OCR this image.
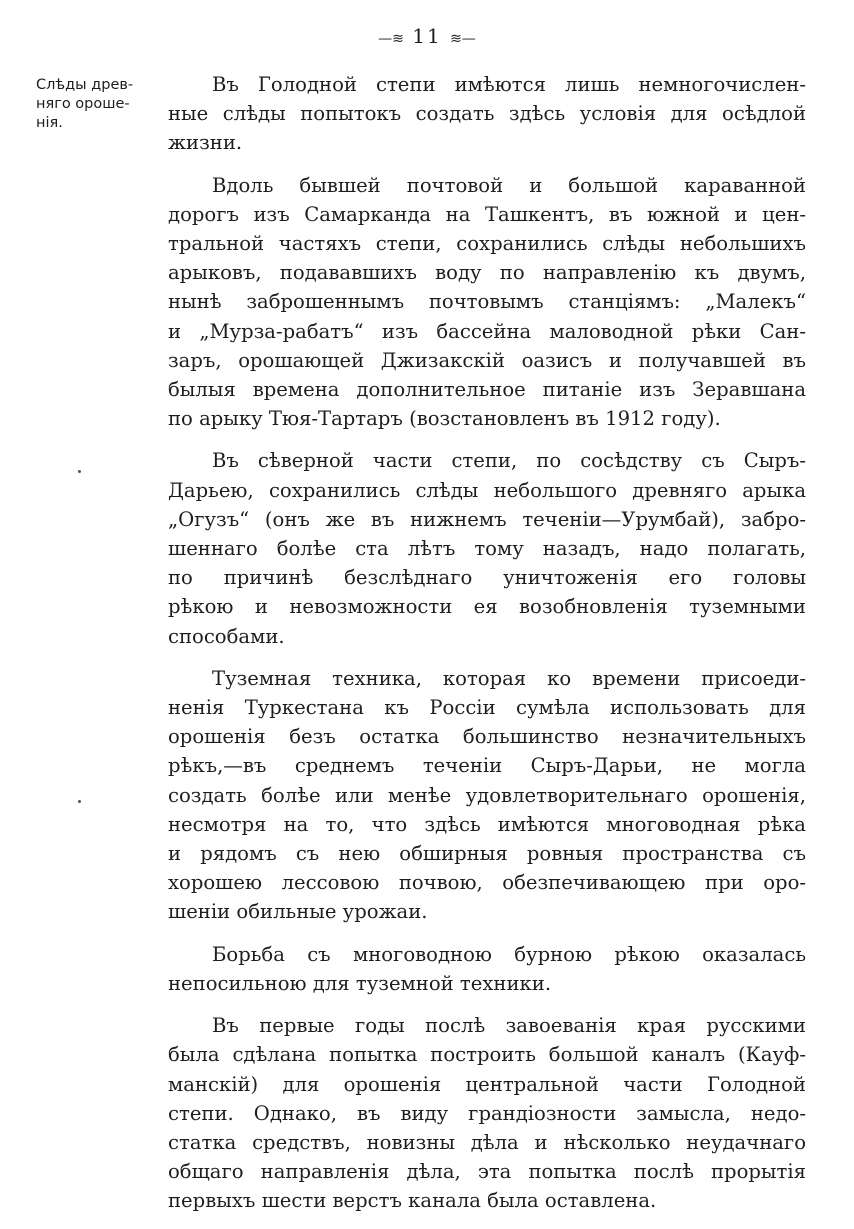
—≋ 11 ≋—
Слѣды древ-
няго ороше-
нія.
Въ Голодной степи имѣются лишь немногочислен-
ные слѣды попытокъ создать здѣсь условія для осѣдлой
жизни.
Вдоль бывшей почтовой и большой караванной
дорогъ изъ Самарканда на Ташкентъ, въ южной и цен-
тральной частяхъ степи, сохранились слѣды небольшихъ
арыковъ, подававшихъ воду по направленію къ двумъ,
нынѣ заброшеннымъ почтовымъ станціямъ: „Малекъ“
и „Мурза-рабатъ“ изъ бассейна маловодной рѣки Сан-
заръ, орошающей Джизакскій оазисъ и получавшей въ
былыя времена дополнительное питаніе изъ Зеравшана
по арыку Тюя-Тартаръ (возстановленъ въ 1912 году).
Въ сѣверной части степи, по сосѣдству съ Сыръ-
Дарьею, сохранились слѣды небольшого древняго арыка
„Огузъ“ (онъ же въ нижнемъ теченіи—Урумбай), забро-
шеннаго болѣе ста лѣтъ тому назадъ, надо полагать,
по причинѣ безслѣднаго уничтоженія его головы
рѣкою и невозможности ея возобновленія туземными
способами.
Туземная техника, которая ко времени присоеди-
ненія Туркестана къ Россіи сумѣла использовать для
орошенія безъ остатка большинство незначительныхъ
рѣкъ,—въ среднемъ теченіи Сыръ-Дарьи, не могла
создать болѣе или менѣе удовлетворительнаго орошенія,
несмотря на то, что здѣсь имѣются многоводная рѣка
и рядомъ съ нею обширныя ровныя пространства съ
хорошею лессовою почвою, обезпечивающею при оро-
шеніи обильные урожаи.
Борьба съ многоводною бурною рѣкою оказалась
непосильною для туземной техники.
Въ первые годы послѣ завоеванія края русскими
была сдѣлана попытка построить большой каналъ (Кауф-
манскій) для орошенія центральной части Голодной
степи. Однако, въ виду грандіозности замысла, недо-
статка средствъ, новизны дѣла и нѣсколько неудачнаго
общаго направленія дѣла, эта попытка послѣ прорытія
первыхъ шести верстъ канала была оставлена.
